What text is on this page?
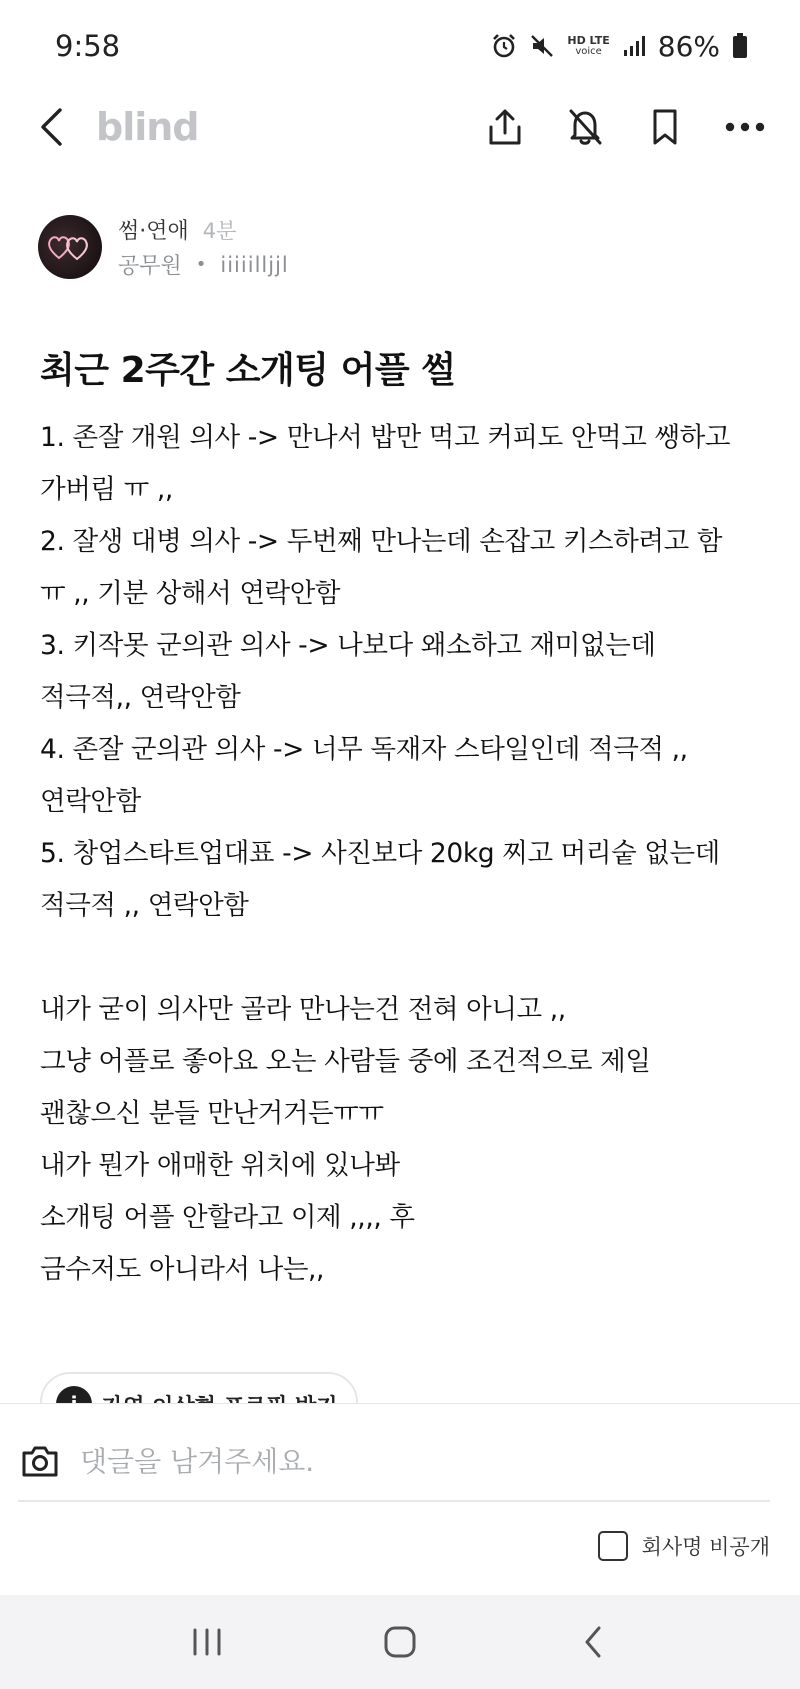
9:58	HD LTE
voice 86%
blind
썸·연애 4분
공무원 • iiiiilljjl
최근 2주간 소개팅 어플 썰
1. 존잘 개원 의사 -> 만나서 밥만 먹고 커피도 안먹고 쌩하고
가버림 ㅠ ,,
2. 잘생 대병 의사 -> 두번째 만나는데 손잡고 키스하려고 함
ㅠ ,, 기분 상해서 연락안함
3. 키작못 군의관 의사 -> 나보다 왜소하고 재미없는데
적극적,, 연락안함
4. 존잘 군의관 의사 -> 너무 독재자 스타일인데 적극적 ,,
연락안함
5. 창업스타트업대표 -> 사진보다 20kg 찌고 머리숱 없는데
적극적 ,, 연락안함
내가 굳이 의사만 골라 만나는건 전혀 아니고 ,,
그냥 어플로 좋아요 오는 사람들 중에 조건적으로 제일
괜찮으신 분들 만난거거든ㅠㅠ
내가 뭔가 애매한 위치에 있나봐
소개팅 어플 안할라고 이제 ,,,, 후
금수저도 아니라서 나는,,
댓글을 남겨주세요.
회사명 비공개
